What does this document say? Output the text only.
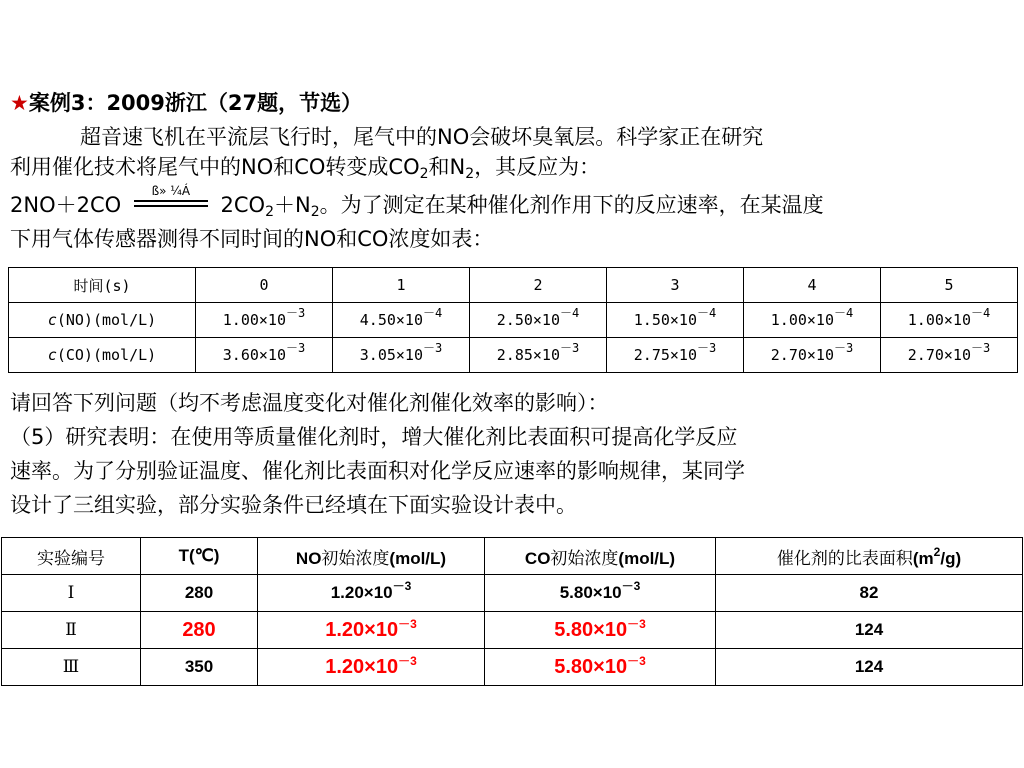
★案例3：2009浙江（27题，节选）
超音速飞机在平流层飞行时，尾气中的NO会破坏臭氧层。科学家正在研究
利用催化技术将尾气中的NO和CO转变成$CO_2$和$N_2$，其反应为：
2NO＋2CO
ß» ¼Á
$2CO_2+N_2$。为了测定在某种催化剂作用下的反应速率，在某温度
下用气体传感器测得不同时间的NO和CO浓度如表：
时间(s)	0	1	2	3	4	5
c(NO)(mol/L)	$1.00\times 10^{-3}$	$4.50\times 10^{-4}$	$2.50\times 10^{-4}$	$1.50\times 10^{-4}$	$1.00\times 10^{-4}$	$1.00\times 10^{-4}$
c(CO)(mol/L)	$3.60\times 10^{-3}$	$3.05\times 10^{-3}$	$2.85\times 10^{-3}$	$2.75\times 10^{-3}$	$2.70\times 10^{-3}$	$2.70\times 10^{-3}$
请回答下列问题（均不考虑温度变化对催化剂催化效率的影响）：
（5）研究表明：在使用等质量催化剂时，增大催化剂比表面积可提高化学反应
速率。为了分别验证温度、催化剂比表面积对化学反应速率的影响规律，某同学
设计了三组实验，部分实验条件已经填在下面实验设计表中。
实验编号	T(℃)	NO初始浓度(mol/L)	CO初始浓度(mol/L)	催化剂的比表面积$(m^2/g)$
Ⅰ	280	$1.20\times 10^{-3}$	$5.80\times 10^{-3}$	82
Ⅱ	280	$1.20\times 10^{-3}$	$5.80\times 10^{-3}$	124
Ⅲ	350	$1.20\times 10^{-3}$	$5.80\times 10^{-3}$	124
